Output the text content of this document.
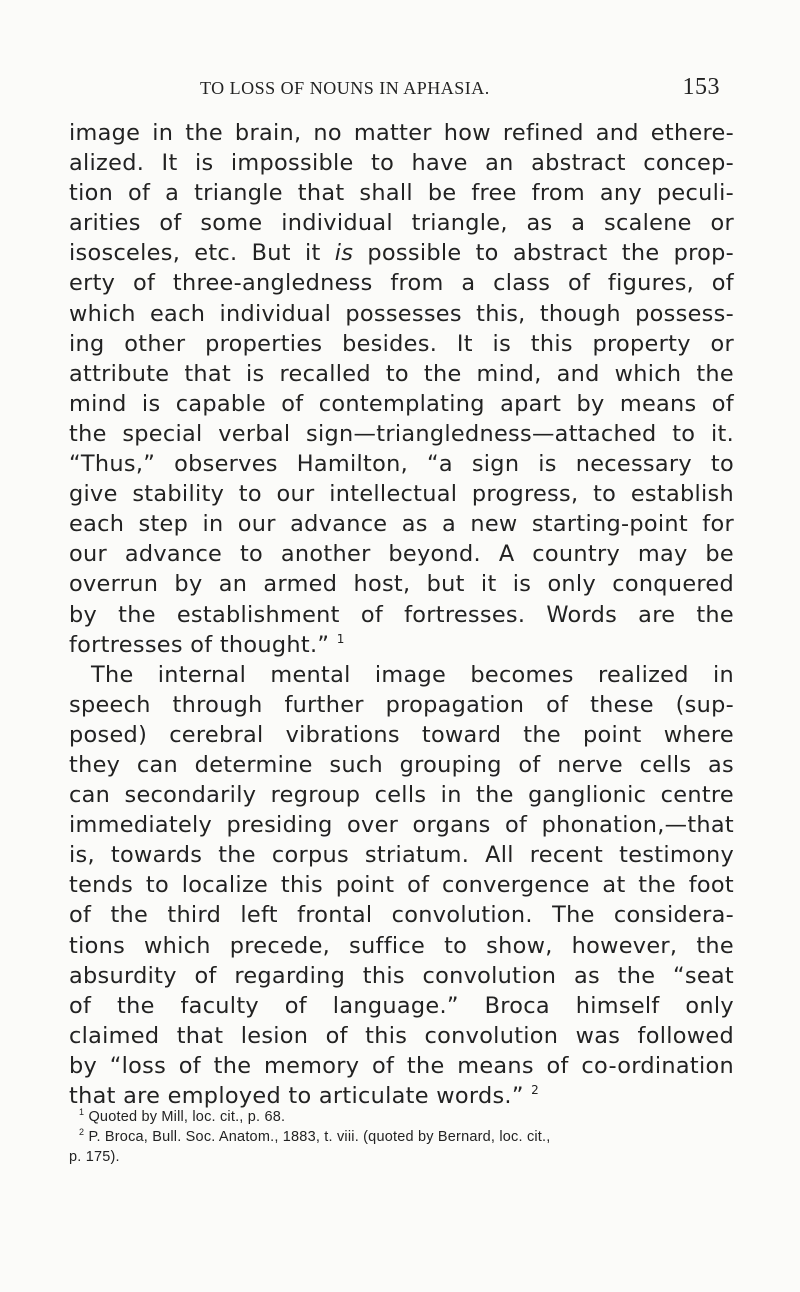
TO LOSS OF NOUNS IN APHASIA.	153
image in the brain, no matter how refined and ethere-
alized. It is impossible to have an abstract concep-
tion of a triangle that shall be free from any peculi-
arities of some individual triangle, as a scalene or
isosceles, etc. But it is possible to abstract the prop-
erty of three-angledness from a class of figures, of
which each individual possesses this, though possess-
ing other properties besides. It is this property or
attribute that is recalled to the mind, and which the
mind is capable of contemplating apart by means of
the special verbal sign—triangledness—attached to it.
“Thus,” observes Hamilton, “a sign is necessary to
give stability to our intellectual progress, to establish
each step in our advance as a new starting-point for
our advance to another beyond. A country may be
overrun by an armed host, but it is only conquered
by the establishment of fortresses. Words are the
fortresses of thought.” $^1$
The internal mental image becomes realized in
speech through further propagation of these (sup-
posed) cerebral vibrations toward the point where
they can determine such grouping of nerve cells as
can secondarily regroup cells in the ganglionic centre
immediately presiding over organs of phonation,—that
is, towards the corpus striatum. All recent testimony
tends to localize this point of convergence at the foot
of the third left frontal convolution. The considera-
tions which precede, suffice to show, however, the
absurdity of regarding this convolution as the “seat
of the faculty of language.” Broca himself only
claimed that lesion of this convolution was followed
by “loss of the memory of the means of co-ordination
that are employed to articulate words.” $^2$
$^1$ Quoted by Mill, loc. cit., p. 68.
$^2$ P. Broca, Bull. Soc. Anatom., 1883, t. viii. (quoted by Bernard, loc. cit.,
p. 175).
